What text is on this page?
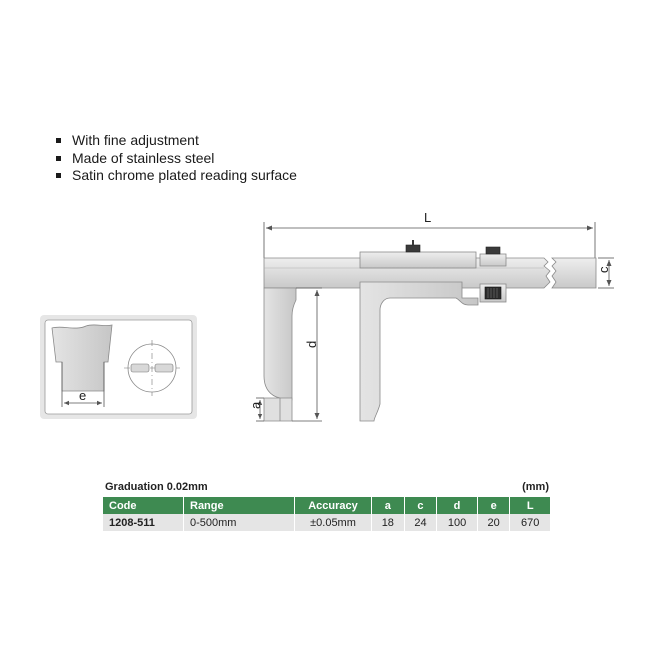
With fine adjustment
Made of stainless steel
Satin chrome plated reading surface
L
c
d
a
e
Graduation 0.02mm	(mm)
Code	Range	Accuracy	a	c	d	e	L
1208-511	0-500mm	±0.05mm	18	24	100	20	670
